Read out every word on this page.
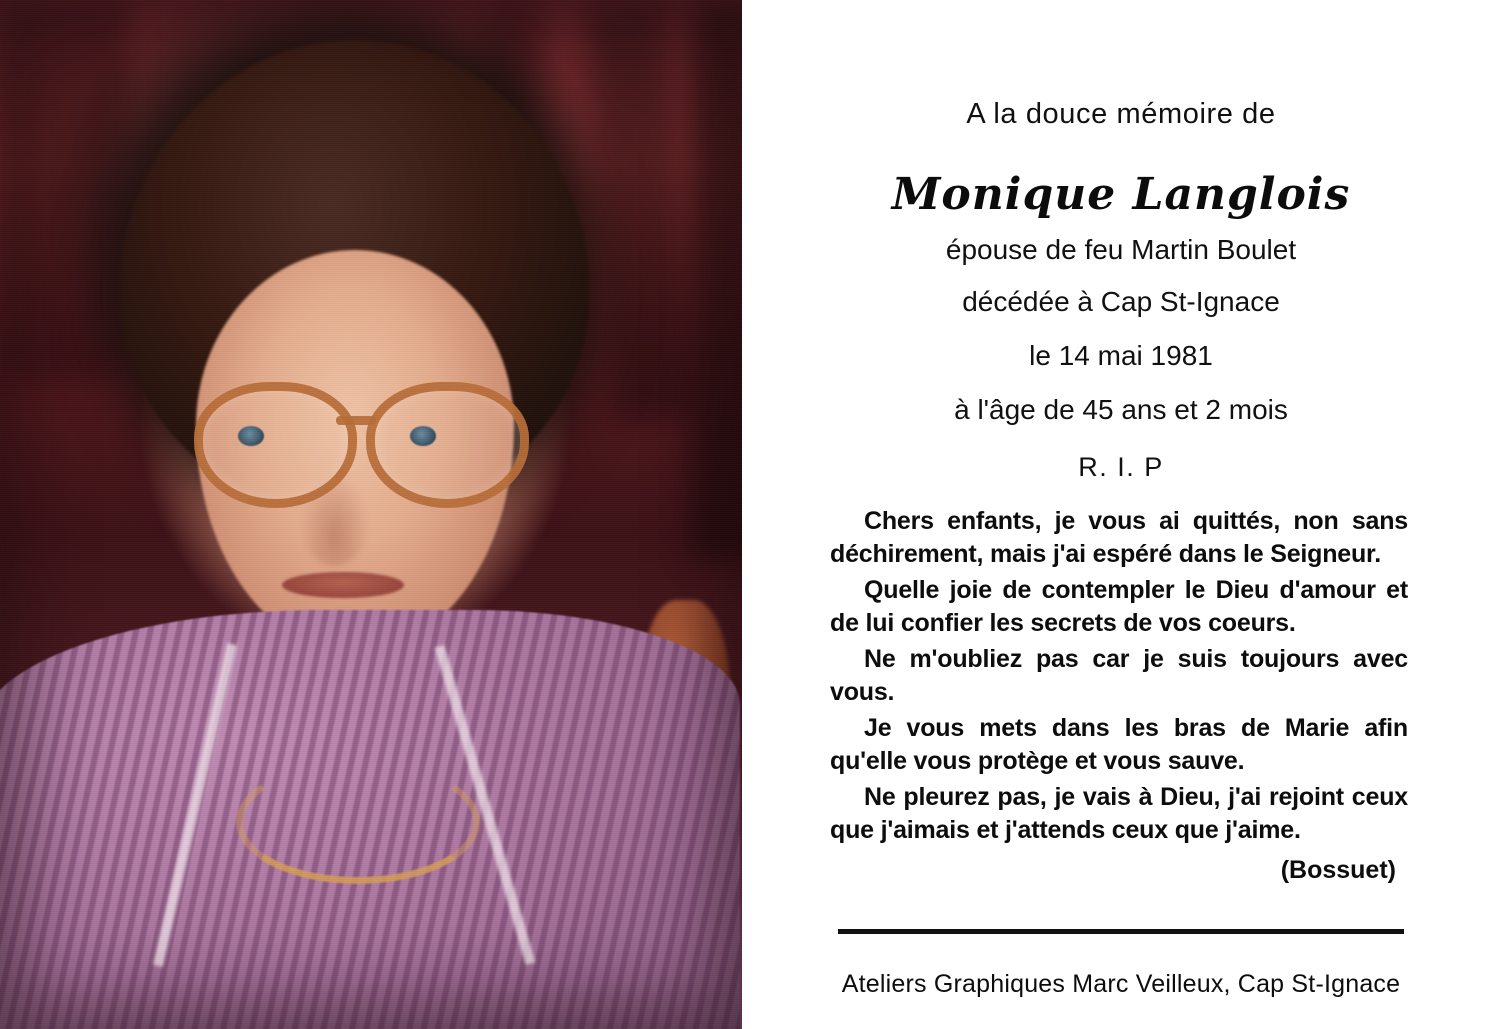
A la douce mémoire de
Monique Langlois
épouse de feu Martin Boulet
décédée à Cap St-Ignace
le 14 mai 1981
à l'âge de 45 ans et 2 mois
R. I. P

Chers enfants, je vous ai quittés, non sans déchirement, mais j'ai espéré dans le Seigneur.

Quelle joie de contempler le Dieu d'amour et de lui confier les secrets de vos coeurs.

Ne m'oubliez pas car je suis toujours avec vous.

Je vous mets dans les bras de Marie afin qu'elle vous protège et vous sauve.

Ne pleurez pas, je vais à Dieu, j'ai rejoint ceux que j'aimais et j'attends ceux que j'aime.

(Bossuet)
Ateliers Graphiques Marc Veilleux, Cap St-Ignace
